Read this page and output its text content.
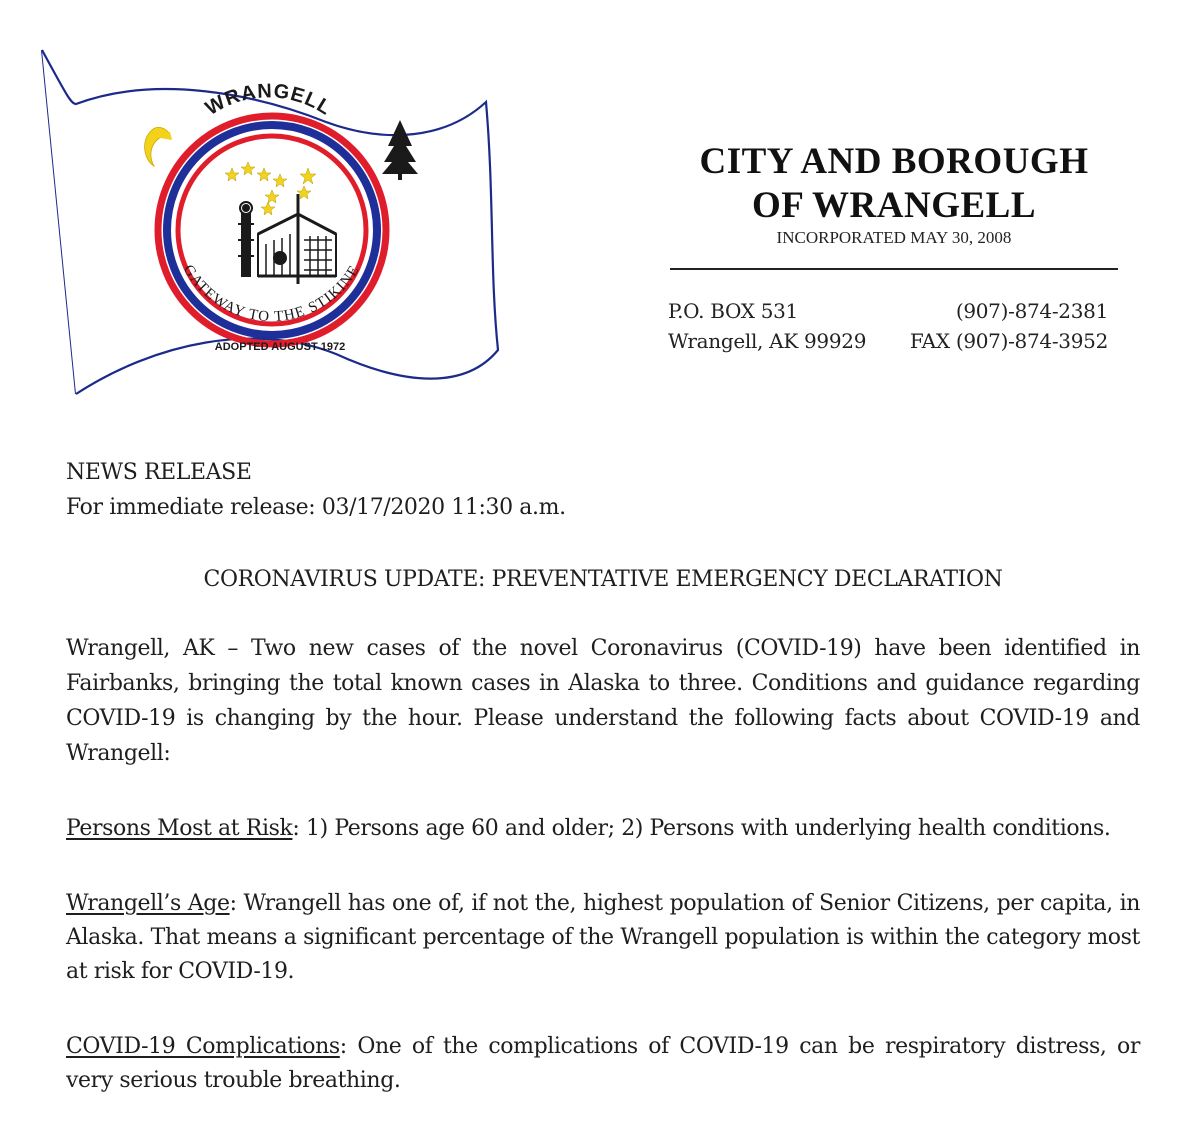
WRANGELL
GATEWAY TO THE STIKINE
ADOPTED AUGUST 1972
CITY AND BOROUGH
OF WRANGELL
INCORPORATED MAY 30, 2008
P.O. BOX 531	(907)-874-2381
Wrangell, AK 99929 FAX (907)-874-3952
NEWS RELEASE
For immediate release: 03/17/2020 11:30 a.m.
CORONAVIRUS UPDATE: PREVENTATIVE EMERGENCY DECLARATION
Wrangell, AK – Two new cases of the novel Coronavirus (COVID-19) have been identified in Fairbanks, bringing the total known cases in Alaska to three. Conditions and guidance regarding COVID-19 is changing by the hour. Please understand the following facts about COVID-19 and Wrangell:
Persons Most at Risk: 1) Persons age 60 and older; 2) Persons with underlying health conditions.
Wrangell’s Age: Wrangell has one of, if not the, highest population of Senior Citizens, per capita, in Alaska. That means a significant percentage of the Wrangell population is within the category most at risk for COVID-19.
COVID-19 Complications: One of the complications of COVID-19 can be respiratory distress, or very serious trouble breathing.
